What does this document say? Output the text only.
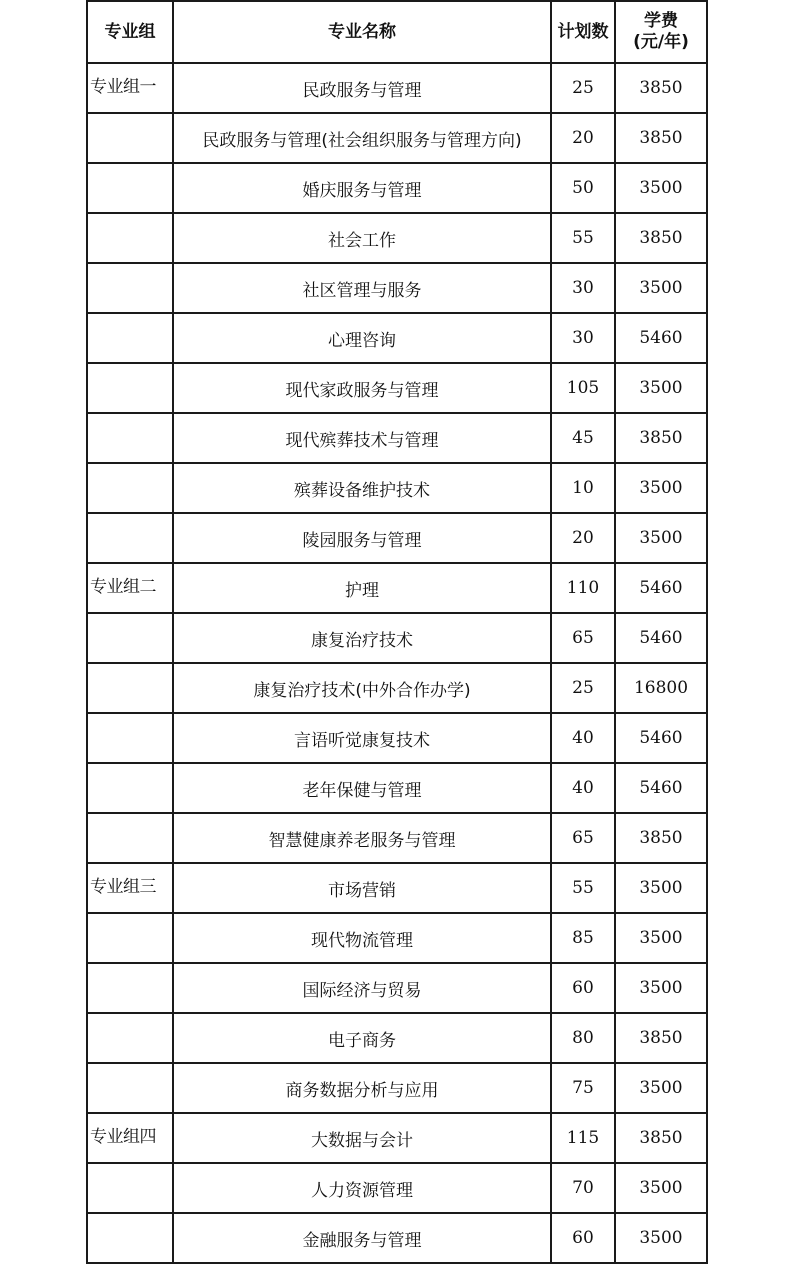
专业组	专业名称	计划数	学费
(元/年)

专业组一	民政服务与管理	25	3850
	民政服务与管理(社会组织服务与管理方向)	20	3850
	婚庆服务与管理	50	3500
	社会工作	55	3850
	社区管理与服务	30	3500
	心理咨询	30	5460
	现代家政服务与管理	105	3500
	现代殡葬技术与管理	45	3850
	殡葬设备维护技术	10	3500
	陵园服务与管理	20	3500
专业组二	护理	110	5460
	康复治疗技术	65	5460
	康复治疗技术(中外合作办学)	25	16800
	言语听觉康复技术	40	5460
	老年保健与管理	40	5460
	智慧健康养老服务与管理	65	3850
专业组三	市场营销	55	3500
	现代物流管理	85	3500
	国际经济与贸易	60	3500
	电子商务	80	3850
	商务数据分析与应用	75	3500
专业组四	大数据与会计	115	3850
	人力资源管理	70	3500
	金融服务与管理	60	3500
